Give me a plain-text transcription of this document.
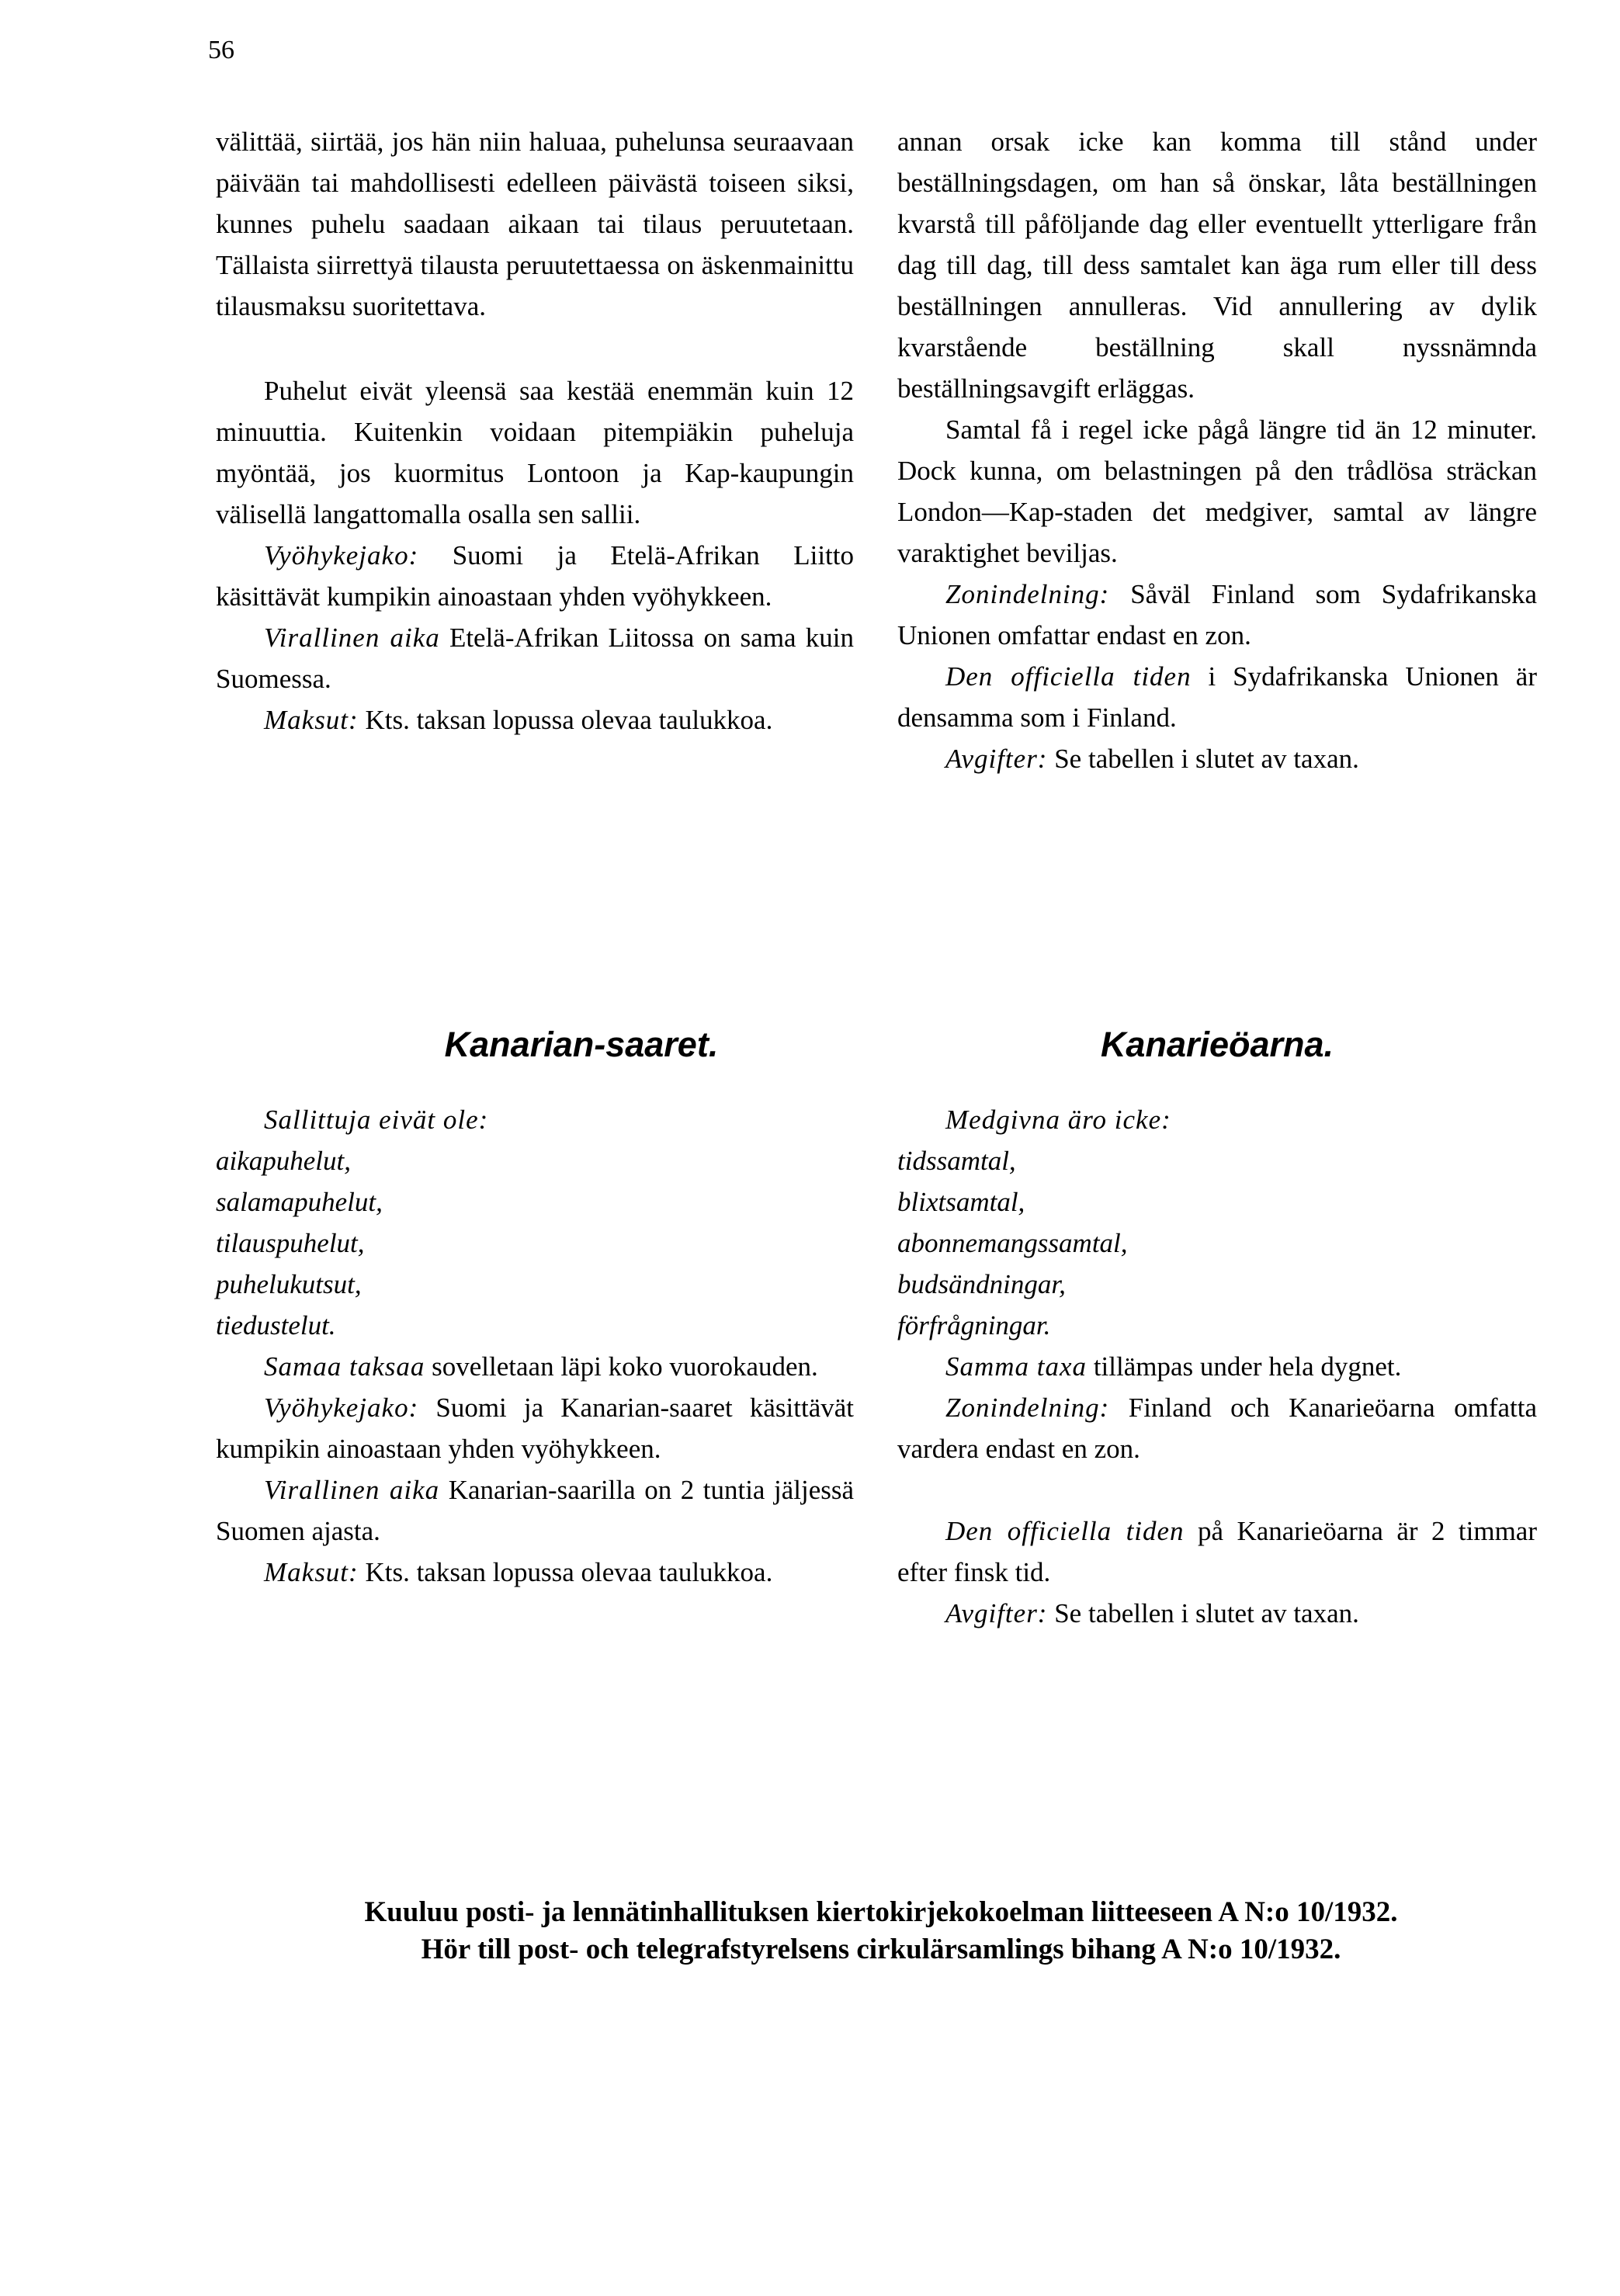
56

välittää, siirtää, jos hän niin haluaa, puhelunsa seuraavaan päivään tai mahdollisesti edelleen päivästä toiseen siksi, kunnes puhelu saadaan aikaan tai tilaus peruutetaan. Tällaista siirrettyä tilausta peruutettaessa on äskenmainittu tilausmaksu suoritettava.

Puhelut eivät yleensä saa kestää enemmän kuin 12 minuuttia. Kuitenkin voidaan pitempiäkin puheluja myöntää, jos kuormitus Lontoon ja Kap-kaupungin välisellä langattomalla osalla sen sallii.

Vyöhykejako: Suomi ja Etelä-Afrikan Liitto käsittävät kumpikin ainoastaan yhden vyöhykkeen.

Virallinen aika Etelä-Afrikan Liitossa on sama kuin Suomessa.

Maksut: Kts. taksan lopussa olevaa taulukkoa.

annan orsak icke kan komma till stånd under beställningsdagen, om han så önskar, låta beställningen kvarstå till påföljande dag eller eventuellt ytterligare från dag till dag, till dess samtalet kan äga rum eller till dess beställningen annulleras. Vid annullering av dylik kvarstående beställning skall nyssnämnda beställningsavgift erläggas.

Samtal få i regel icke pågå längre tid än 12 minuter. Dock kunna, om belastningen på den trådlösa sträckan London—Kap-staden det medgiver, samtal av längre varaktighet beviljas.

Zonindelning: Såväl Finland som Sydafrikanska Unionen omfattar endast en zon.

Den officiella tiden i Sydafrikanska Unionen är densamma som i Finland.

Avgifter: Se tabellen i slutet av taxan.

Kanarian-saaret.

Sallittuja eivät ole:

aikapuhelut,

salamapuhelut,

tilauspuhelut,

puhelukutsut,

tiedustelut.

Samaa taksaa sovelletaan läpi koko vuorokauden.

Vyöhykejako: Suomi ja Kanarian-saaret käsittävät kumpikin ainoastaan yhden vyöhykkeen.

Virallinen aika Kanarian-saarilla on 2 tuntia jäljessä Suomen ajasta.

Maksut: Kts. taksan lopussa olevaa taulukkoa.

Kanarieöarna.

Medgivna äro icke:

tidssamtal,

blixtsamtal,

abonnemangssamtal,

budsändningar,

förfrågningar.

Samma taxa tillämpas under hela dygnet.

Zonindelning: Finland och Kanarieöarna omfatta vardera endast en zon.

Den officiella tiden på Kanarieöarna är 2 timmar efter finsk tid.

Avgifter: Se tabellen i slutet av taxan.

Kuuluu posti- ja lennätinhallituksen kiertokirjekokoelman liitteeseen A N:o 10/1932.
Hör till post- och telegrafstyrelsens cirkulärsamlings bihang A N:o 10/1932.
